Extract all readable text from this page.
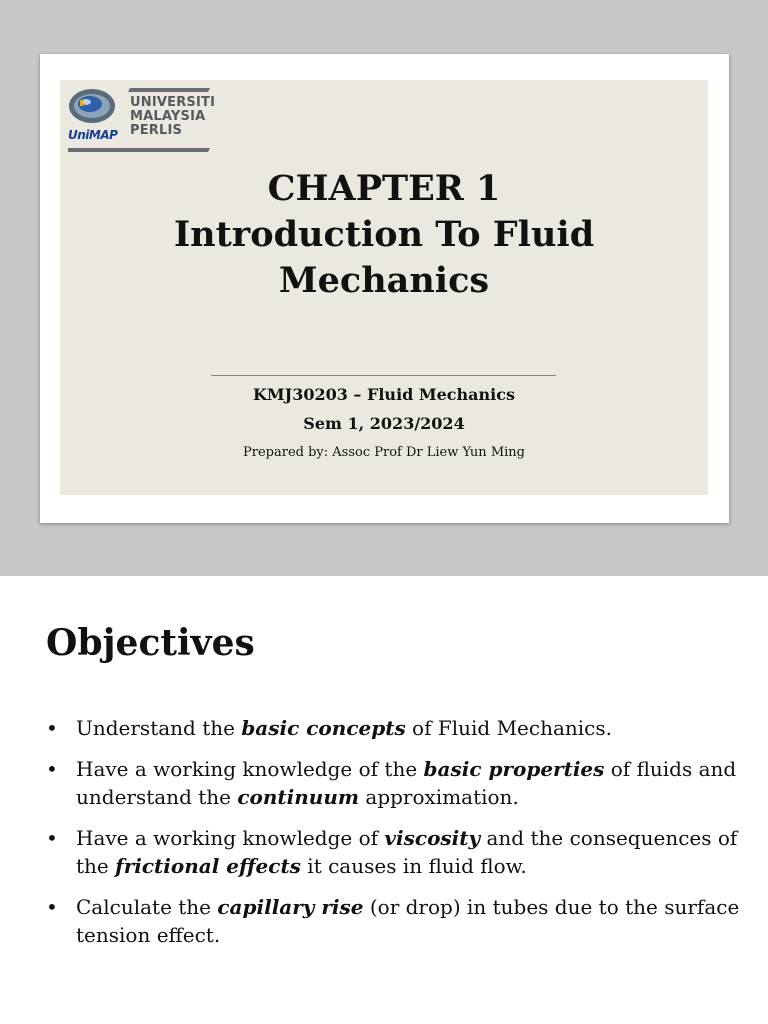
UNIVERSITI
MALAYSIA
PERLIS
UniMAP
CHAPTER 1
Introduction To Fluid
Mechanics
KMJ30203 – Fluid Mechanics
Sem 1, 2023/2024
Prepared by: Assoc Prof Dr Liew Yun Ming
Objectives
• Understand the basic concepts of Fluid Mechanics.
• Have a working knowledge of the basic properties of fluids and understand the continuum approximation.
• Have a working knowledge of viscosity and the consequences of the frictional effects it causes in fluid flow.
• Calculate the capillary rise (or drop) in tubes due to the surface tension effect.
